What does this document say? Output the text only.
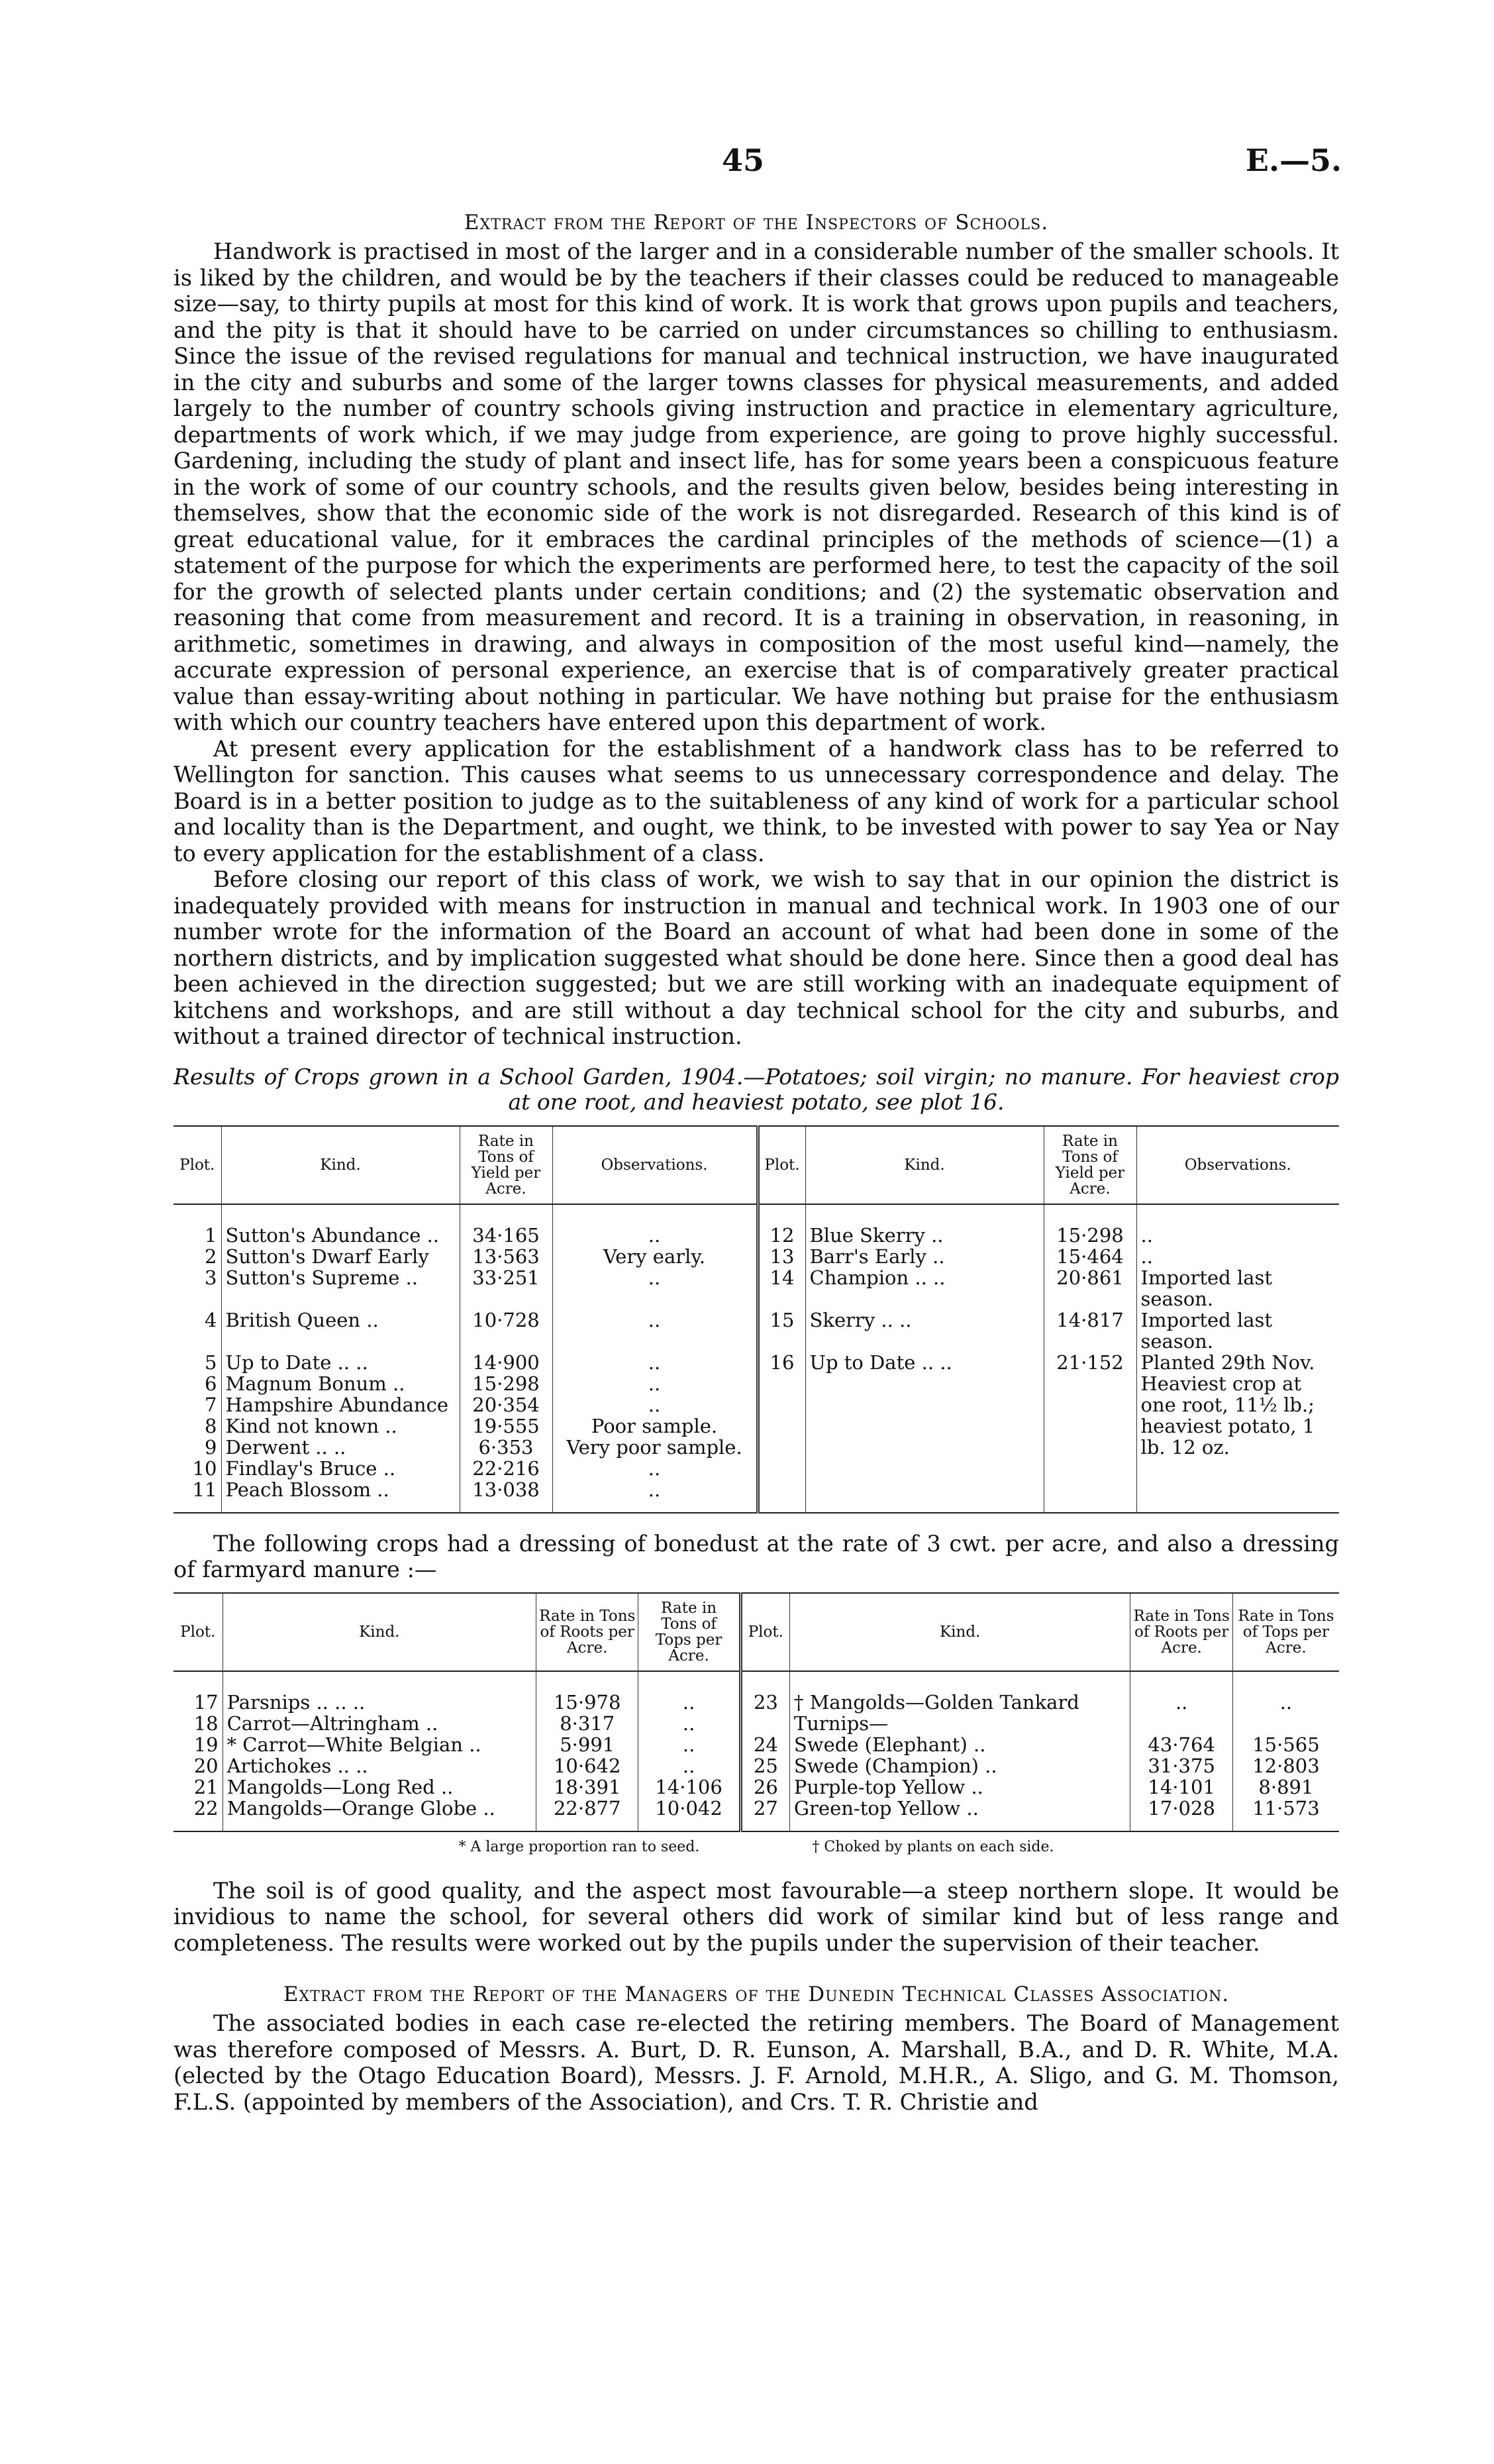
45	E.—5.
Extract from the Report of the Inspectors of Schools.

Handwork is practised in most of the larger and in a considerable number of the smaller schools. It is liked by the children, and would be by the teachers if their classes could be reduced to manageable size—say, to thirty pupils at most for this kind of work. It is work that grows upon pupils and teachers, and the pity is that it should have to be carried on under circumstances so chilling to enthusiasm. Since the issue of the revised regulations for manual and technical instruction, we have inaugurated in the city and suburbs and some of the larger towns classes for physical measurements, and added largely to the number of country schools giving instruction and practice in elementary agriculture, departments of work which, if we may judge from experience, are going to prove highly successful. Gardening, including the study of plant and insect life, has for some years been a conspicuous feature in the work of some of our country schools, and the results given below, besides being interesting in themselves, show that the economic side of the work is not disregarded. Research of this kind is of great educational value, for it embraces the cardinal principles of the methods of science—(1) a statement of the purpose for which the experiments are performed here, to test the capacity of the soil for the growth of selected plants under certain conditions; and (2) the systematic observation and reasoning that come from measurement and record. It is a training in observation, in reasoning, in arithmetic, sometimes in drawing, and always in composition of the most useful kind—namely, the accurate expression of personal experience, an exercise that is of comparatively greater practical value than essay-writing about nothing in particular. We have nothing but praise for the enthusiasm with which our country teachers have entered upon this department of work.

At present every application for the establishment of a handwork class has to be referred to Wellington for sanction. This causes what seems to us unnecessary correspondence and delay. The Board is in a better position to judge as to the suitableness of any kind of work for a particular school and locality than is the Department, and ought, we think, to be invested with power to say Yea or Nay to every application for the establishment of a class.

Before closing our report of this class of work, we wish to say that in our opinion the district is inadequately provided with means for instruction in manual and technical work. In 1903 one of our number wrote for the information of the Board an account of what had been done in some of the northern districts, and by implication suggested what should be done here. Since then a good deal has been achieved in the direction suggested; but we are still working with an inadequate equipment of kitchens and workshops, and are still without a day technical school for the city and suburbs, and without a trained director of technical instruction.

Results of Crops grown in a School Garden, 1904.—Potatoes; soil virgin; no manure. For heaviest crop at one root, and heaviest potato, see plot 16.
Plot.	Kind.	Rate in Tons of Yield per Acre.	Observations.	Plot.	Kind.	Rate in Tons of Yield per Acre.	Observations.
1	Sutton's Abundance ..	34·165	..	12	Blue Skerry ..	15·298	..
2	Sutton's Dwarf Early	13·563	Very early.	13	Barr's Early ..	15·464	..
3	Sutton's Supreme ..	33·251	..	14	Champion .. ..	20·861	Imported last season.
4	British Queen ..	10·728	..	15	Skerry .. ..	14·817	Imported last season.
5	Up to Date .. ..	14·900	..	16	Up to Date .. ..	21·152	Planted 29th Nov. Heaviest crop at one root, 11½ lb.; heaviest potato, 1 lb. 12 oz.
6	Magnum Bonum ..	15·298	..				
7	Hampshire Abundance	20·354	..				
8	Kind not known ..	19·555	Poor sample.				
9	Derwent .. ..	6·353	Very poor sample.				
10	Findlay's Bruce ..	22·216	..				
11	Peach Blossom ..	13·038	..				

The following crops had a dressing of bonedust at the rate of 3 cwt. per acre, and also a dressing of farmyard manure :—

Plot.	Kind.	Rate in Tons of Roots per Acre.	Rate in Tons of Tops per Acre.	Plot.	Kind.	Rate in Tons of Roots per Acre.	Rate in Tons of Tops per Acre.
17	Parsnips .. .. ..	15·978	..	23	† Mangolds—Golden Tankard	..	..
18	Carrot—Altringham ..	8·317	..		Turnips—		
19	* Carrot—White Belgian ..	5·991	..	24	Swede (Elephant) ..	43·764	15·565
20	Artichokes .. ..	10·642	..	25	Swede (Champion) ..	31·375	12·803
21	Mangolds—Long Red ..	18·391	14·106	26	Purple-top Yellow ..	14·101	8·891
22	Mangolds—Orange Globe ..	22·877	10·042	27	Green-top Yellow ..	17·028	11·573
* A large proportion ran to seed.	† Choked by plants on each side.

The soil is of good quality, and the aspect most favourable—a steep northern slope. It would be invidious to name the school, for several others did work of similar kind but of less range and completeness. The results were worked out by the pupils under the supervision of their teacher.

Extract from the Report of the Managers of the Dunedin Technical Classes Association.

The associated bodies in each case re-elected the retiring members. The Board of Management was therefore composed of Messrs. A. Burt, D. R. Eunson, A. Marshall, B.A., and D. R. White, M.A. (elected by the Otago Education Board), Messrs. J. F. Arnold, M.H.R., A. Sligo, and G. M. Thomson, F.L.S. (appointed by members of the Association), and Crs. T. R. Christie and
